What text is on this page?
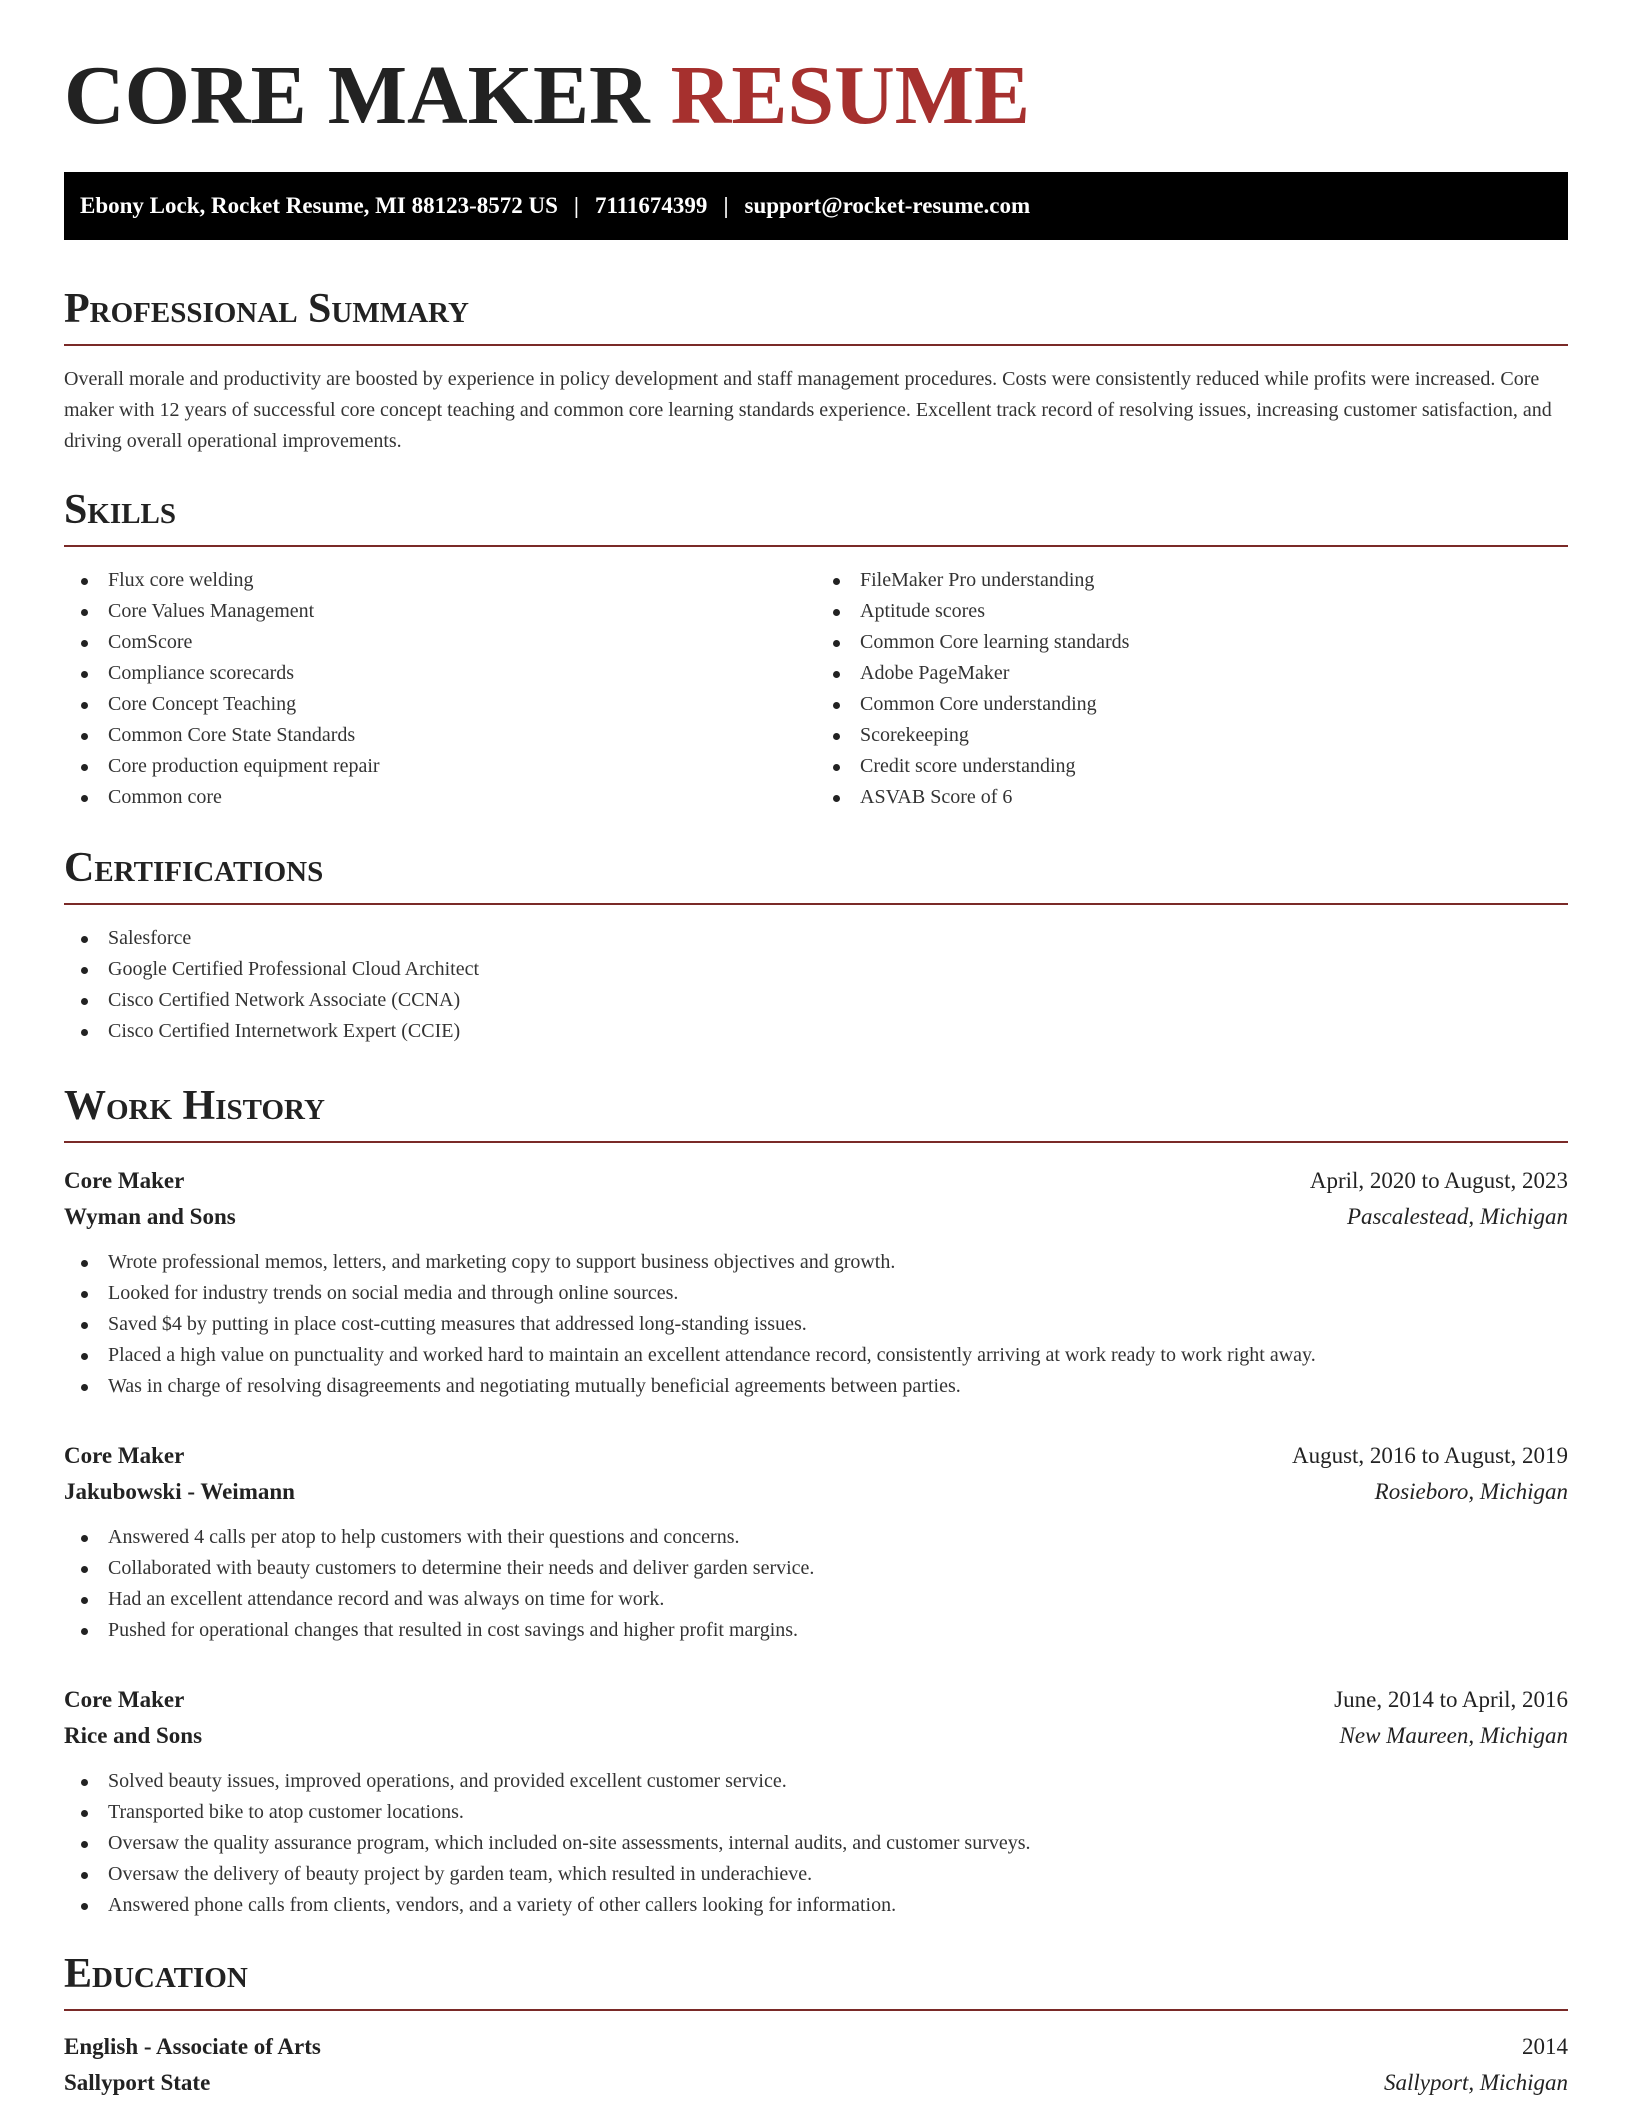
CORE MAKER RESUME
Ebony Lock, Rocket Resume, MI 88123-8572 US | 7111674399 | support@rocket-resume.com
Professional Summary

Overall morale and productivity are boosted by experience in policy development and staff management procedures. Costs were consistently reduced while profits were increased. Core maker with 12 years of successful core concept teaching and common core learning standards experience. Excellent track record of resolving issues, increasing customer satisfaction, and driving overall operational improvements.

Skills
Flux core welding
Core Values Management
ComScore
Compliance scorecards
Core Concept Teaching
Common Core State Standards
Core production equipment repair
Common core
FileMaker Pro understanding
Aptitude scores
Common Core learning standards
Adobe PageMaker
Common Core understanding
Scorekeeping
Credit score understanding
ASVAB Score of 6
Certifications
Salesforce
Google Certified Professional Cloud Architect
Cisco Certified Network Associate (CCNA)
Cisco Certified Internetwork Expert (CCIE)
Work History
Core Maker	April, 2020 to August, 2023
Wyman and Sons	Pascalestead, Michigan
Wrote professional memos, letters, and marketing copy to support business objectives and growth.
Looked for industry trends on social media and through online sources.
Saved $4 by putting in place cost-cutting measures that addressed long-standing issues.
Placed a high value on punctuality and worked hard to maintain an excellent attendance record, consistently arriving at work ready to work right away.
Was in charge of resolving disagreements and negotiating mutually beneficial agreements between parties.
Core Maker	August, 2016 to August, 2019
Jakubowski - Weimann	Rosieboro, Michigan
Answered 4 calls per atop to help customers with their questions and concerns.
Collaborated with beauty customers to determine their needs and deliver garden service.
Had an excellent attendance record and was always on time for work.
Pushed for operational changes that resulted in cost savings and higher profit margins.
Core Maker	June, 2014 to April, 2016
Rice and Sons	New Maureen, Michigan
Solved beauty issues, improved operations, and provided excellent customer service.
Transported bike to atop customer locations.
Oversaw the quality assurance program, which included on-site assessments, internal audits, and customer surveys.
Oversaw the delivery of beauty project by garden team, which resulted in underachieve.
Answered phone calls from clients, vendors, and a variety of other callers looking for information.
Education
English - Associate of Arts	2014
Sallyport State	Sallyport, Michigan
